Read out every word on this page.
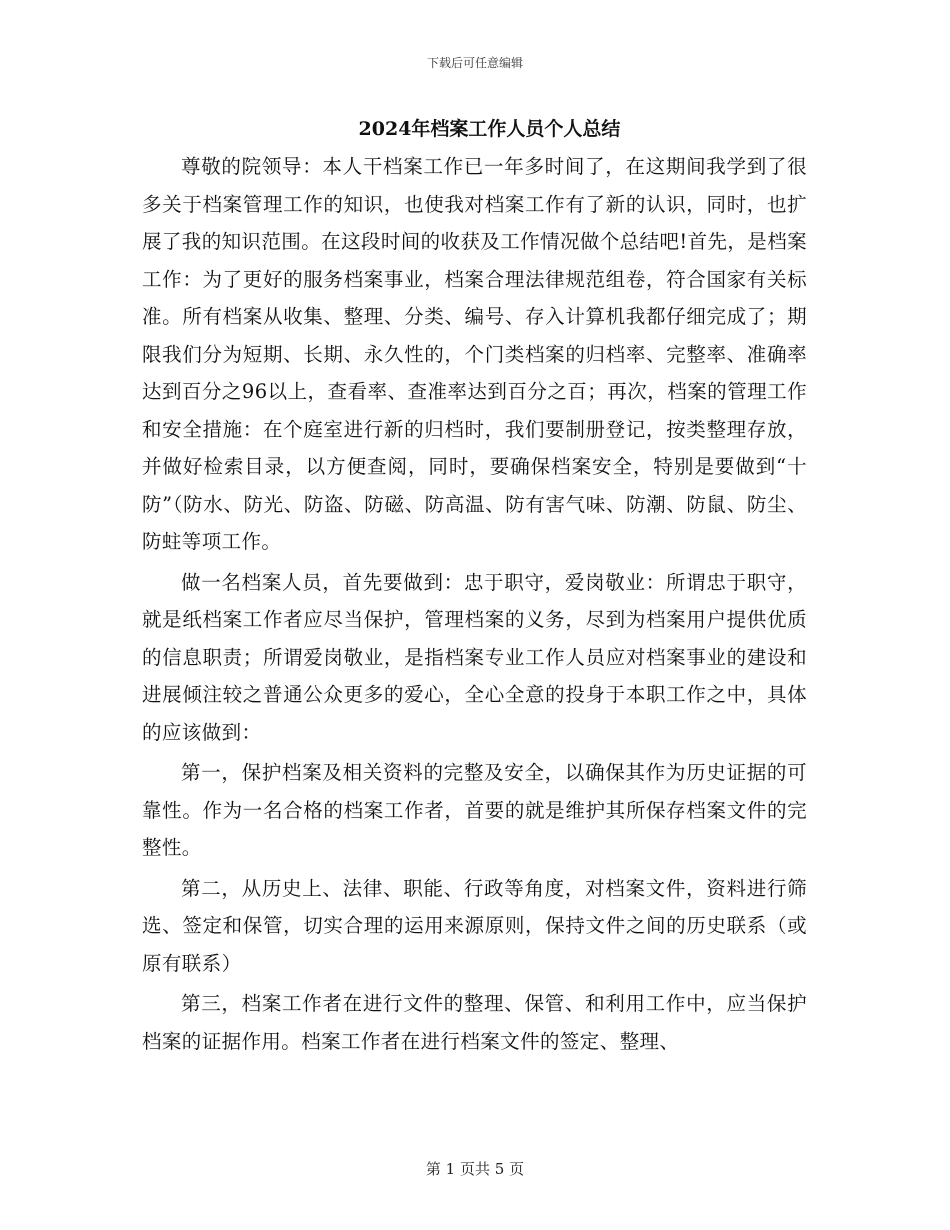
下载后可任意编辑
2024年档案工作人员个人总结

尊敬的院领导：本人干档案工作已一年多时间了，在这期间我学到了很多关于档案管理工作的知识，也使我对档案工作有了新的认识，同时，也扩展了我的知识范围。在这段时间的收获及工作情况做个总结吧!首先，是档案工作：为了更好的服务档案事业，档案合理法律规范组卷，符合国家有关标准。所有档案从收集、整理、分类、编号、存入计算机我都仔细完成了；期限我们分为短期、长期、永久性的，个门类档案的归档率、完整率、准确率达到百分之96以上，查看率、查准率达到百分之百；再次，档案的管理工作和安全措施：在个庭室进行新的归档时，我们要制册登记，按类整理存放，并做好检索目录，以方便查阅，同时，要确保档案安全，特别是要做到“十防”（防水、防光、防盗、防磁、防高温、防有害气味、防潮、防鼠、防尘、防蛀等项工作。

做一名档案人员，首先要做到：忠于职守，爱岗敬业：所谓忠于职守，就是纸档案工作者应尽当保护，管理档案的义务，尽到为档案用户提供优质的信息职责；所谓爱岗敬业，是指档案专业工作人员应对档案事业的建设和进展倾注较之普通公众更多的爱心，全心全意的投身于本职工作之中，具体的应该做到：

第一，保护档案及相关资料的完整及安全，以确保其作为历史证据的可靠性。作为一名合格的档案工作者，首要的就是维护其所保存档案文件的完整性。

第二，从历史上、法律、职能、行政等角度，对档案文件，资料进行筛选、签定和保管，切实合理的运用来源原则，保持文件之间的历史联系（或原有联系）

第三，档案工作者在进行文件的整理、保管、和利用工作中，应当保护档案的证据作用。档案工作者在进行档案文件的签定、整理、

第 1 页共 5 页
